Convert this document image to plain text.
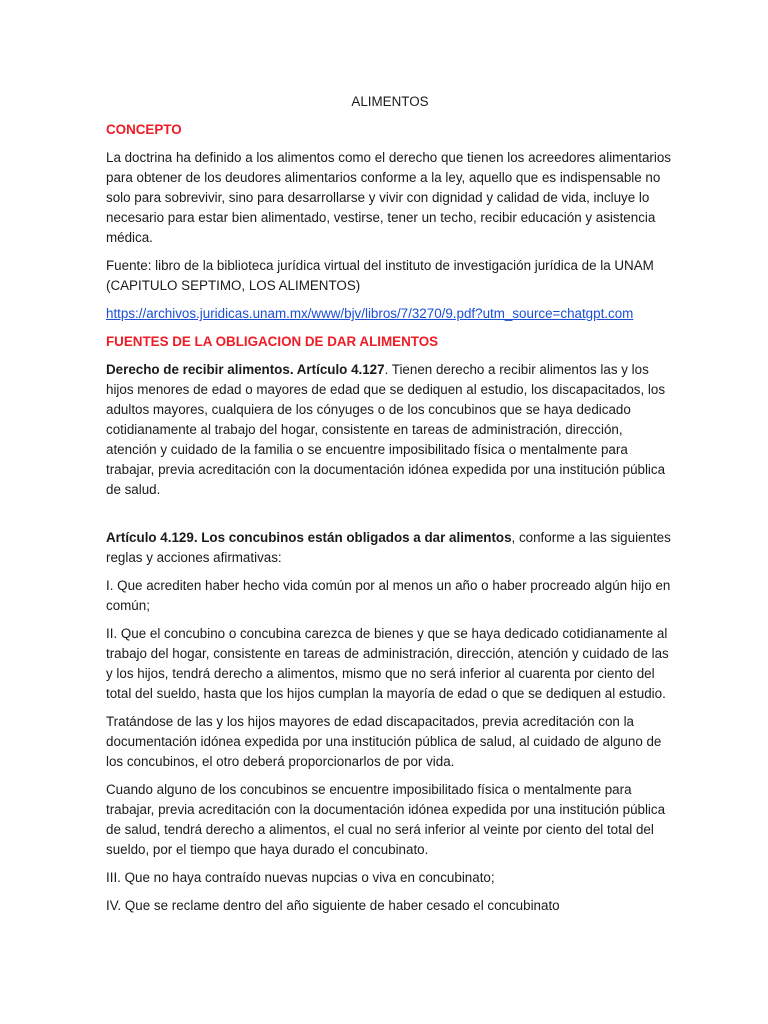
ALIMENTOS
CONCEPTO

La doctrina ha definido a los alimentos como el derecho que tienen los acreedores alimentarios para obtener de los deudores alimentarios conforme a la ley, aquello que es indispensable no solo para sobrevivir, sino para desarrollarse y vivir con dignidad y calidad de vida, incluye lo necesario para estar bien alimentado, vestirse, tener un techo, recibir educación y asistencia médica.

Fuente: libro de la biblioteca jurídica virtual del instituto de investigación jurídica de la UNAM (CAPITULO SEPTIMO, LOS ALIMENTOS)

https://archivos.juridicas.unam.mx/www/bjv/libros/7/3270/9.pdf?utm_source=chatgpt.com
FUENTES DE LA OBLIGACION DE DAR ALIMENTOS

Derecho de recibir alimentos. Artículo 4.127. Tienen derecho a recibir alimentos las y los hijos menores de edad o mayores de edad que se dediquen al estudio, los discapacitados, los adultos mayores, cualquiera de los cónyuges o de los concubinos que se haya dedicado cotidianamente al trabajo del hogar, consistente en tareas de administración, dirección, atención y cuidado de la familia o se encuentre imposibilitado física o mentalmente para trabajar, previa acreditación con la documentación idónea expedida por una institución pública de salud.

Artículo 4.129. Los concubinos están obligados a dar alimentos, conforme a las siguientes reglas y acciones afirmativas:

I. Que acrediten haber hecho vida común por al menos un año o haber procreado algún hijo en común;

II. Que el concubino o concubina carezca de bienes y que se haya dedicado cotidianamente al trabajo del hogar, consistente en tareas de administración, dirección, atención y cuidado de las y los hijos, tendrá derecho a alimentos, mismo que no será inferior al cuarenta por ciento del total del sueldo, hasta que los hijos cumplan la mayoría de edad o que se dediquen al estudio.

Tratándose de las y los hijos mayores de edad discapacitados, previa acreditación con la documentación idónea expedida por una institución pública de salud, al cuidado de alguno de los concubinos, el otro deberá proporcionarlos de por vida.

Cuando alguno de los concubinos se encuentre imposibilitado física o mentalmente para trabajar, previa acreditación con la documentación idónea expedida por una institución pública de salud, tendrá derecho a alimentos, el cual no será inferior al veinte por ciento del total del sueldo, por el tiempo que haya durado el concubinato.

III. Que no haya contraído nuevas nupcias o viva en concubinato;

IV. Que se reclame dentro del año siguiente de haber cesado el concubinato
